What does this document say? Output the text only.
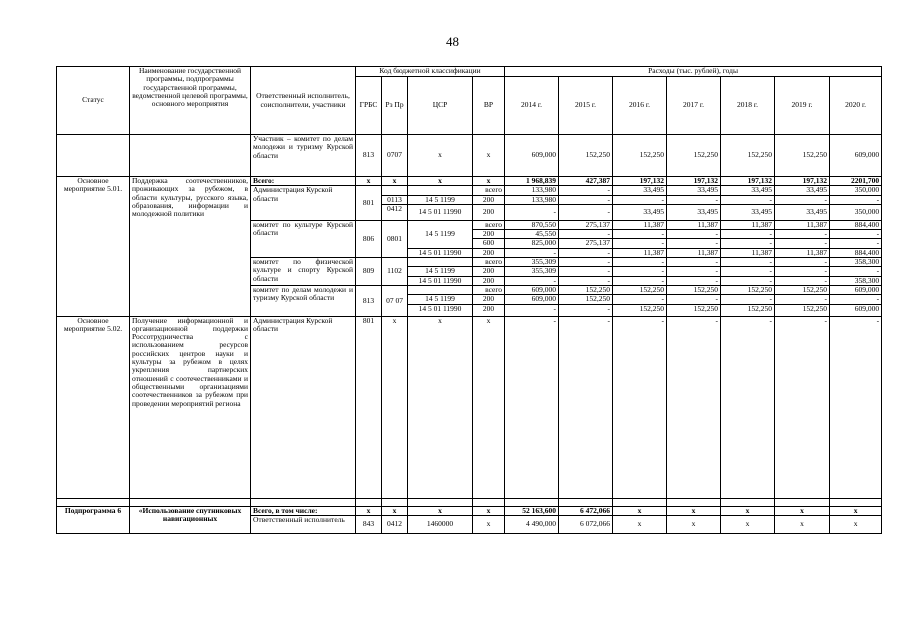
48
Статус	Наименование государственной программы, подпрограммы государственной программы, ведомственной целевой программы, основного мероприятия	Ответственный исполнитель, соисполнители, участники	Код бюджетной классификации				Расходы (тыс. рублей), годы						
			ГРБС	Рз Пр	ЦСР	ВР	2014 г.	2015 г.	2016 г.	2017 г.	2018 г.	2019 г.	2020 г.
		Участник – комитет по делам молодежи и туризму Курской области	813	0707	х	х	609,000	152,250	152,250	152,250	152,250	152,250	609,000
Основное мероприятие 5.01.	Поддержка соотечественников, проживающих за рубежом, в области культуры, русского языка, образования, информации и молодежной политики	Всего:	х	х	х	х	1 968,839	427,387	197,132	197,132	197,132	197,132	2201,700
		Администрация Курской области	801			всего	133,980	-	33,495	33,495	33,495	33,495	350,000
				0113	14 5 1199	200	133,980	-	-	-	-	-	-
				0412	14 5 01 11990	200	-	-	33,495	33,495	33,495	33,495	350,000
		комитет по культуре Курской области	806	0801	14 5 1199	всего	870,550	275,137	11,387	11,387	11,387	11,387	884,400
						200	45,550	-	-	-	-	-	-
						600	825,000	275,137	-	-	-	-	-
					14 5 01 11990	200	-	-	11,387	11,387	11,387	11,387	884,400
		комитет по физической культуре и спорту Курской области	809	1102		всего	355,309	-	-	-	-	-	358,300
					14 5 1199	200	355,309	-	-	-	-	-	-
					14 5 01 11990	200	-	-	-	-	-	-	358,300
		комитет по делам молодежи и туризму Курской области	813	07 07		всего	609,000	152,250	152,250	152,250	152,250	152,250	609,000
					14 5 1199	200	609,000	152,250	-	-	-	-	-
					14 5 01 11990	200	-	-	152,250	152,250	152,250	152,250	609,000
Основное мероприятие 5.02.	Получение информационной и организационной поддержки Россотрудничества с использованием ресурсов российских центров науки и культуры за рубежом в целях укрепления партнерских отношений с соотечественниками и общественными организациями соотечественников за рубежом при проведении мероприятий региона	Администрация Курской области	801	х	х	х	-	-	-	-	-	-	-

Подпрограмма 6	«Использование спутниковых навигационных	Всего, в том числе:	х	х	х	х	52 163,600	6 472,066	х	х	х	х	х
		Ответственный исполнитель	843	0412	1460000	х	4 490,000	6 072,066	х	х	х	х	х
